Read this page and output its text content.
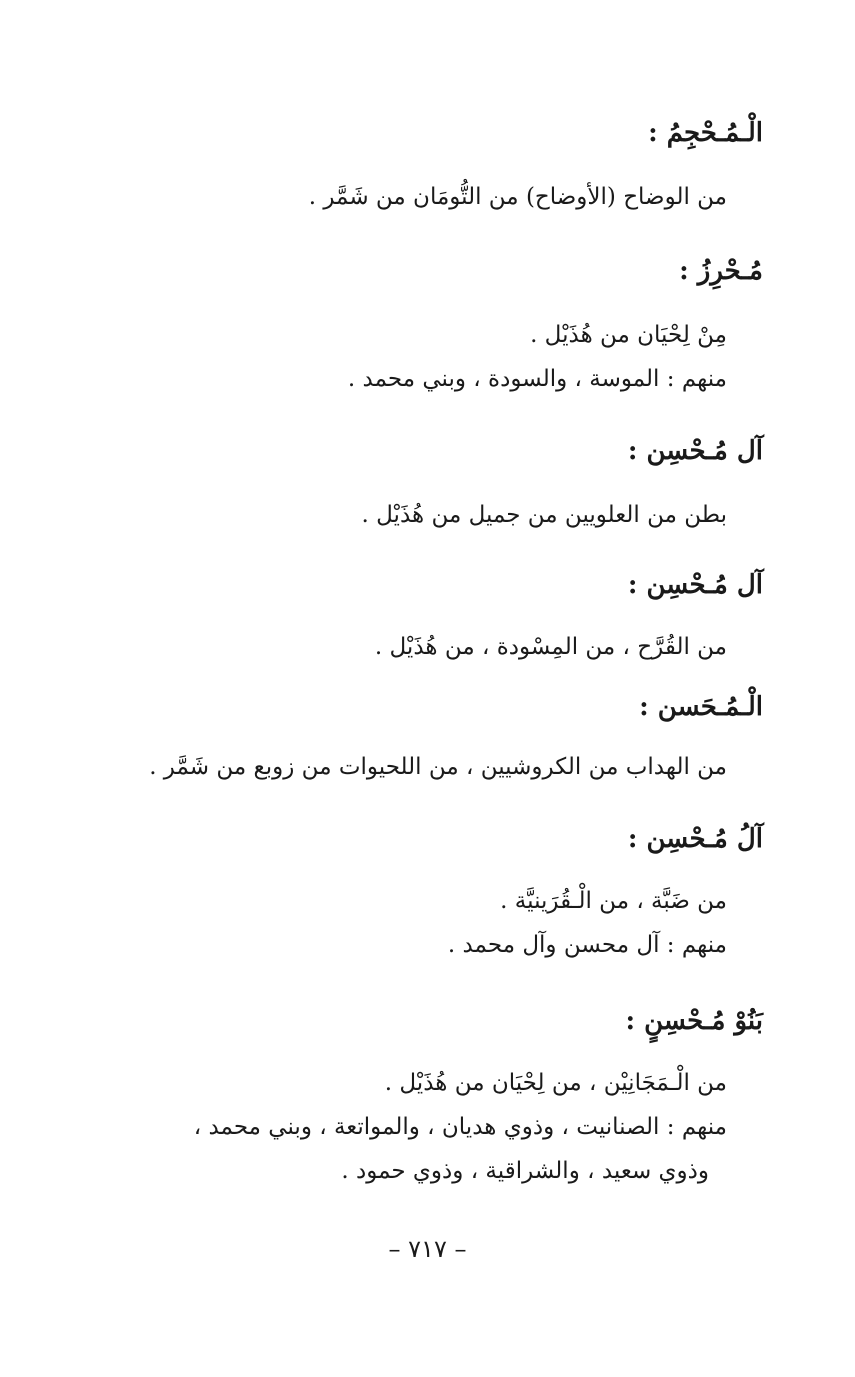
الْـمُـحْجِمُ :
من الوضاح (الأوضاح) من التُّومَان من شَمَّر .
مُـحْرِزُ :
مِنْ لِحْيَان من هُذَيْل .
منهم : الموسة ، والسودة ، وبني محمد .
آل مُـحْسِن :
بطن من العلويين من جميل من هُذَيْل .
آل مُـحْسِن :
من القُرَّح ، من المِسْودة ، من هُذَيْل .
الْـمُـحَسن :
من الهداب من الكروشيين ، من اللحيوات من زوبع من شَمَّر .
آلُ مُـحْسِن :
من ضَبَّة ، من الْـقُرَينيَّة .
منهم : آل محسن وآل محمد .
بَنُوْ مُـحْسِنٍ :
من الْـمَجَانِيْن ، من لِحْيَان من هُذَيْل .
منهم : الصنانيت ، وذوي هديان ، والمواتعة ، وبني محمد ،
وذوي سعيد ، والشراقية ، وذوي حمود .
– ٧١٧ –
